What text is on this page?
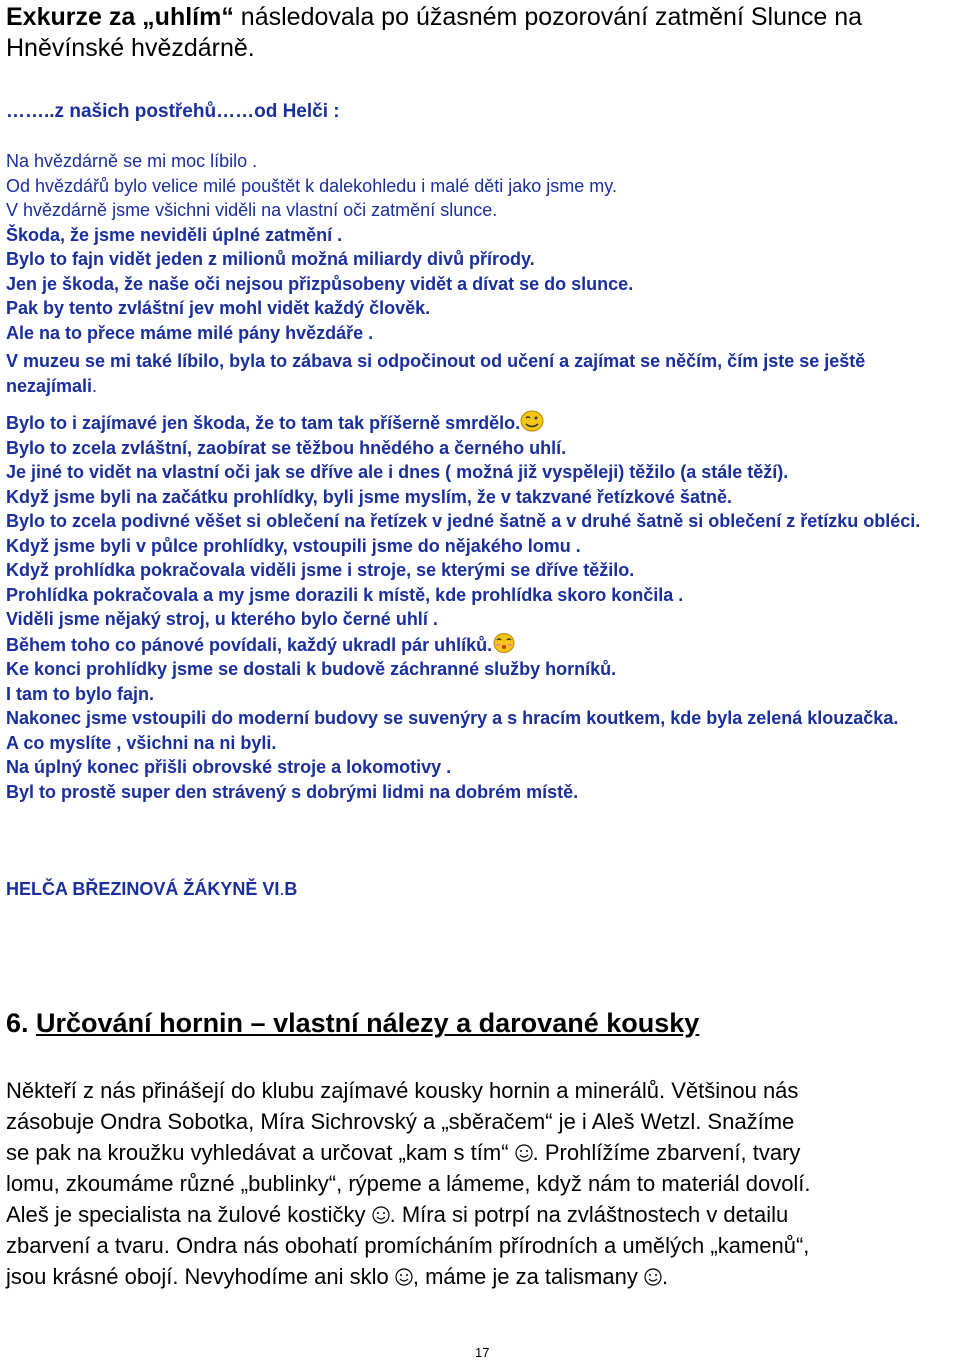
Exkurze za „uhlím“ následovala po úžasném pozorování zatmění Slunce na Hněvínské hvězdárně.
……..z našich postřehů……od Helči :
Na hvězdárně se mi moc líbilo .
Od hvězdářů bylo velice milé pouštět k dalekohledu i malé děti jako jsme my.
V hvězdárně jsme všichni viděli na vlastní oči zatmění slunce.
Škoda, že jsme neviděli úplné zatmění .
Bylo to fajn vidět jeden z milionů možná miliardy divů přírody.
Jen je škoda, že naše oči nejsou přizpůsobeny vidět a dívat se do slunce.
Pak by tento zvláštní jev mohl vidět každý člověk.
Ale na to přece máme milé pány hvězdáře .
V muzeu se mi také líbilo, byla to zábava si odpočinout od učení a zajímat se něčím, čím jste se ještě nezajímali.
Bylo to i zajímavé jen škoda, že to tam tak příšerně smrdělo.
Bylo to zcela zvláštní, zaobírat se těžbou hnědého a černého uhlí.
Je jiné to vidět na vlastní oči jak se dříve ale i dnes ( možná již vyspěleji) těžilo (a stále těží).
Když jsme byli na začátku prohlídky, byli jsme myslím, že v takzvané řetízkové šatně.
Bylo to zcela podivné věšet si oblečení na řetízek v jedné šatně a v druhé šatně si oblečení z řetízku obléci.
Když jsme byli v půlce prohlídky, vstoupili jsme do nějakého lomu .
Když prohlídka pokračovala viděli jsme i stroje, se kterými se dříve těžilo.
Prohlídka pokračovala a my jsme dorazili k místě, kde prohlídka skoro končila .
Viděli jsme nějaký stroj, u kterého bylo černé uhlí .
Během toho co pánové povídali, každý ukradl pár uhlíků.
Ke konci prohlídky jsme se dostali k budově záchranné služby horníků.
I tam to bylo fajn.
Nakonec jsme vstoupili do moderní budovy se suvenýry a s hracím koutkem, kde byla zelená klouzačka.
A co myslíte , všichni na ni byli.
Na úplný konec přišli obrovské stroje a lokomotivy .
Byl to prostě super den strávený s dobrými lidmi na dobrém místě.
HELČA BŘEZINOVÁ ŽÁKYNĚ VI.B
6. Určování hornin – vlastní nálezy a darované kousky
Někteří z nás přinášejí do klubu zajímavé kousky hornin a minerálů. Většinou nás
zásobuje Ondra Sobotka, Míra Sichrovský a „sběračem“ je i Aleš Wetzl. Snažíme
se pak na kroužku vyhledávat a určovat „kam s tím“ . Prohlížíme zbarvení, tvary
lomu, zkoumáme různé „bublinky“, rýpeme a lámeme, když nám to materiál dovolí.
Aleš je specialista na žulové kostičky . Míra si potrpí na zvláštnostech v detailu
zbarvení a tvaru. Ondra nás obohatí promícháním přírodních a umělých „kamenů“,
jsou krásné obojí. Nevyhodíme ani sklo , máme je za talismany .
17
